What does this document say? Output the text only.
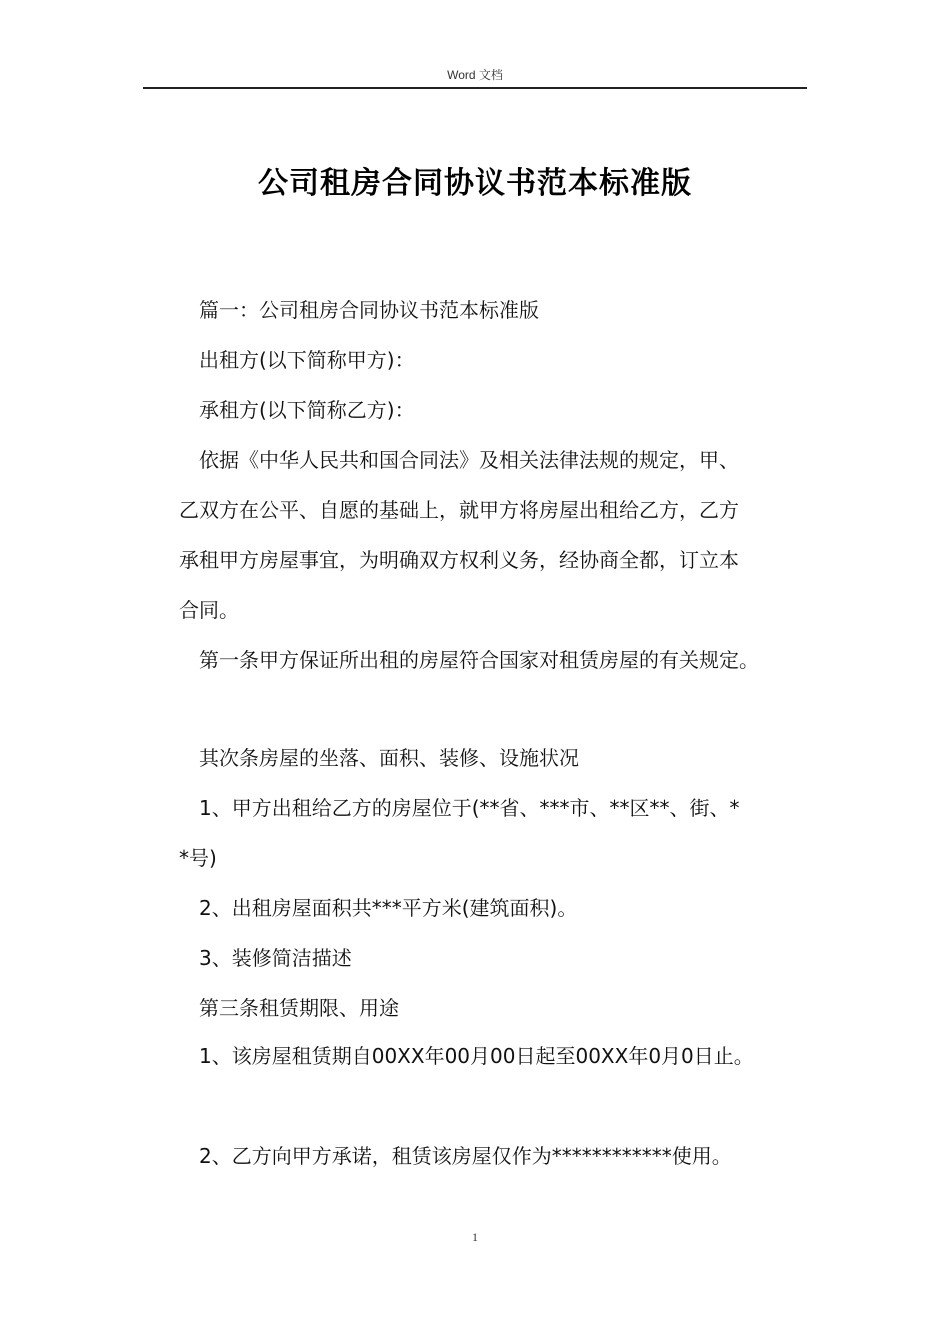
Word 文档
公司租房合同协议书范本标准版
篇一：公司租房合同协议书范本标准版
出租方(以下简称甲方)：
承租方(以下简称乙方)：
依据《中华人民共和国合同法》及相关法律法规的规定，甲、
乙双方在公平、自愿的基础上，就甲方将房屋出租给乙方，乙方
承租甲方房屋事宜，为明确双方权利义务，经协商全都，订立本
合同。
第一条甲方保证所出租的房屋符合国家对租赁房屋的有关规定。
其次条房屋的坐落、面积、装修、设施状况
1、甲方出租给乙方的房屋位于(**省、***市、**区**、街、*
*号)
2、出租房屋面积共***平方米(建筑面积)。
3、装修简洁描述
第三条租赁期限、用途
1、该房屋租赁期自00XX年00月00日起至00XX年0月0日止。
2、乙方向甲方承诺，租赁该房屋仅作为************使用。
1
